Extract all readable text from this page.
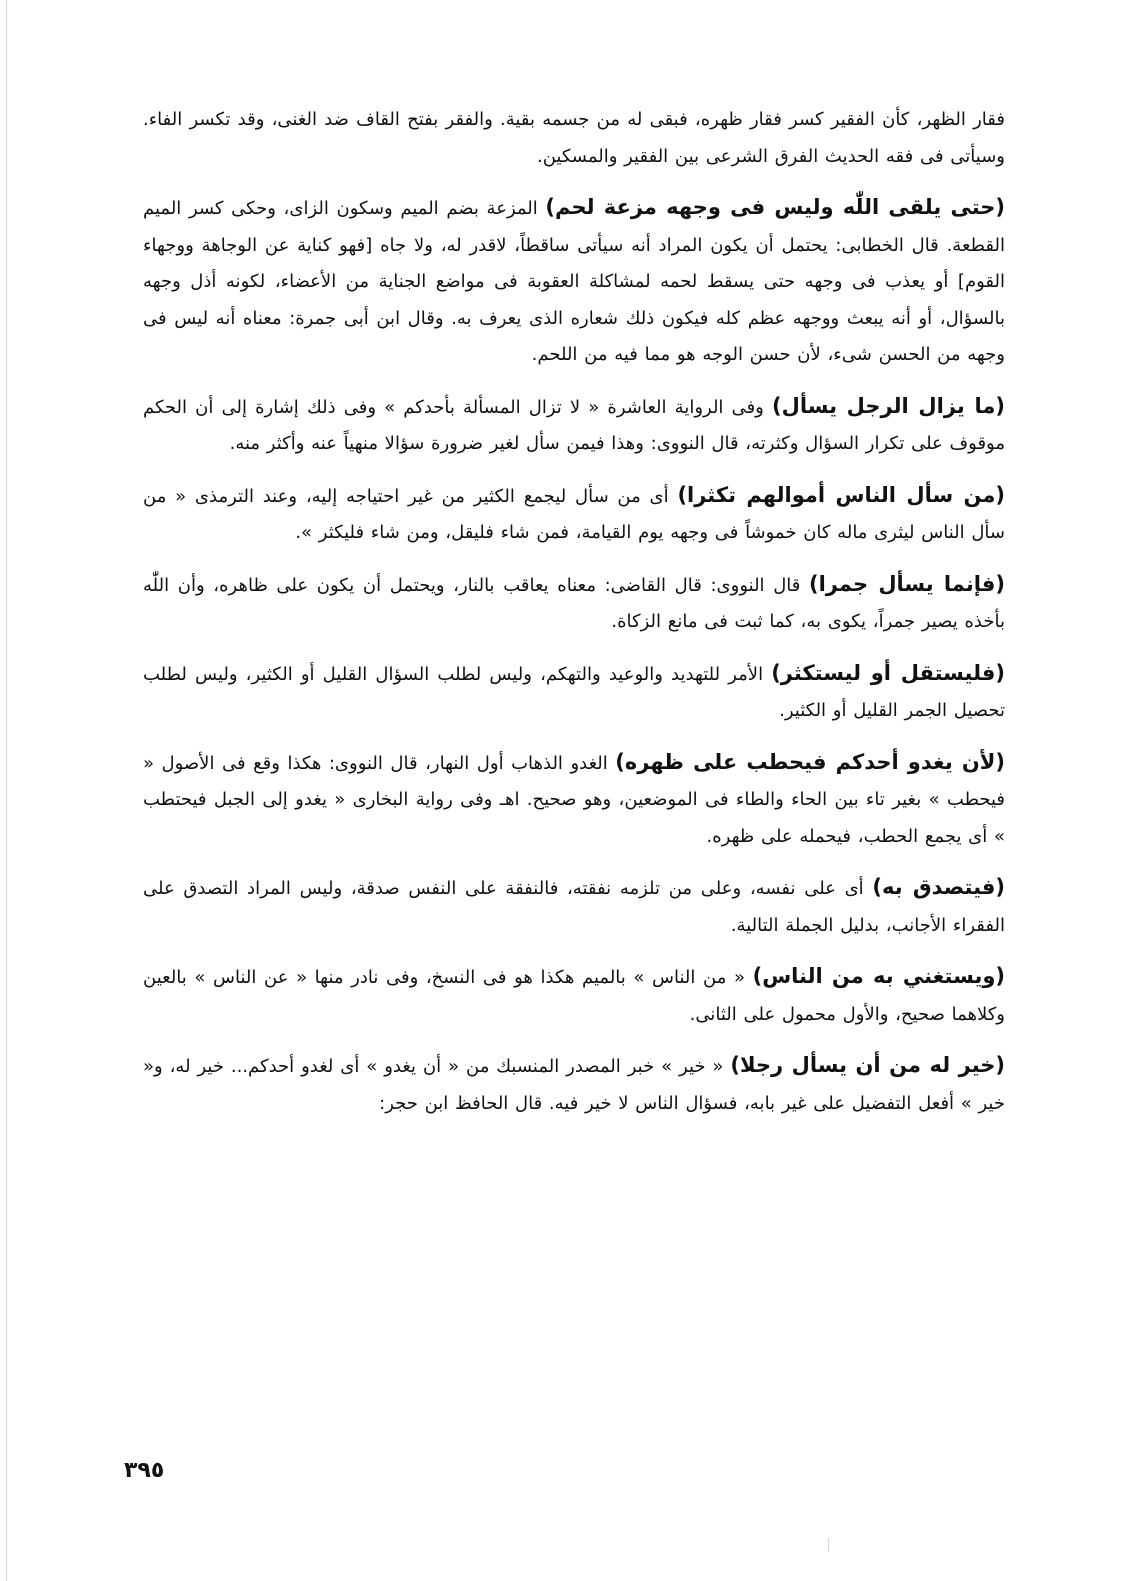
فقار الظهر، كأن الفقير كسر فقار ظهره، فبقى له من جسمه بقية. والفقر بفتح القاف ضد الغنى، وقد تكسر الفاء. وسيأتى فى فقه الحديث الفرق الشرعى بين الفقير والمسكين.

(حتى يلقى اللّٰه وليس فى وجهه مزعة لحم) المزعة بضم الميم وسكون الزاى، وحكى كسر الميم القطعة. قال الخطابى: يحتمل أن يكون المراد أنه سيأتى ساقطاً، لاقدر له، ولا جاه [فهو كناية عن الوجاهة ووجهاء القوم] أو يعذب فى وجهه حتى يسقط لحمه لمشاكلة العقوبة فى مواضع الجناية من الأعضاء، لكونه أذل وجهه بالسؤال، أو أنه يبعث ووجهه عظم كله فيكون ذلك شعاره الذى يعرف به. وقال ابن أبى جمرة: معناه أنه ليس فى وجهه من الحسن شىء، لأن حسن الوجه هو مما فيه من اللحم.

(ما يزال الرجل يسأل) وفى الرواية العاشرة « لا تزال المسألة بأحدكم » وفى ذلك إشارة إلى أن الحكم موقوف على تكرار السؤال وكثرته، قال النووى: وهذا فيمن سأل لغير ضرورة سؤالا منهياً عنه وأكثر منه.

(من سأل الناس أموالهم تكثرا) أى من سأل ليجمع الكثير من غير احتياجه إليه، وعند الترمذى « من سأل الناس ليثرى ماله كان خموشاً فى وجهه يوم القيامة، فمن شاء فليقل، ومن شاء فليكثر ».

(فإنما يسأل جمرا) قال النووى: قال القاضى: معناه يعاقب بالنار، ويحتمل أن يكون على ظاهره، وأن اللّٰه بأخذه يصير جمراً، يكوى به، كما ثبت فى مانع الزكاة.

(فليستقل أو ليستكثر) الأمر للتهديد والوعيد والتهكم، وليس لطلب السؤال القليل أو الكثير، وليس لطلب تحصيل الجمر القليل أو الكثير.

(لأن يغدو أحدكم فيحطب على ظهره) الغدو الذهاب أول النهار، قال النووى: هكذا وقع فى الأصول « فيحطب » بغير تاء بين الحاء والطاء فى الموضعين، وهو صحيح. اهـ وفى رواية البخارى « يغدو إلى الجبل فيحتطب » أى يجمع الحطب، فيحمله على ظهره.

(فيتصدق به) أى على نفسه، وعلى من تلزمه نفقته، فالنفقة على النفس صدقة، وليس المراد التصدق على الفقراء الأجانب، بدليل الجملة التالية.

(ويستغني به من الناس) « من الناس » بالميم هكذا هو فى النسخ، وفى نادر منها « عن الناس » بالعين وكلاهما صحيح، والأول محمول على الثانى.

(خير له من أن يسأل رجلا) « خير » خبر المصدر المنسبك من « أن يغدو » أى لغدو أحدكم... خير له، و« خير » أفعل التفضيل على غير بابه، فسؤال الناس لا خير فيه. قال الحافظ ابن حجر:

٣٩٥
